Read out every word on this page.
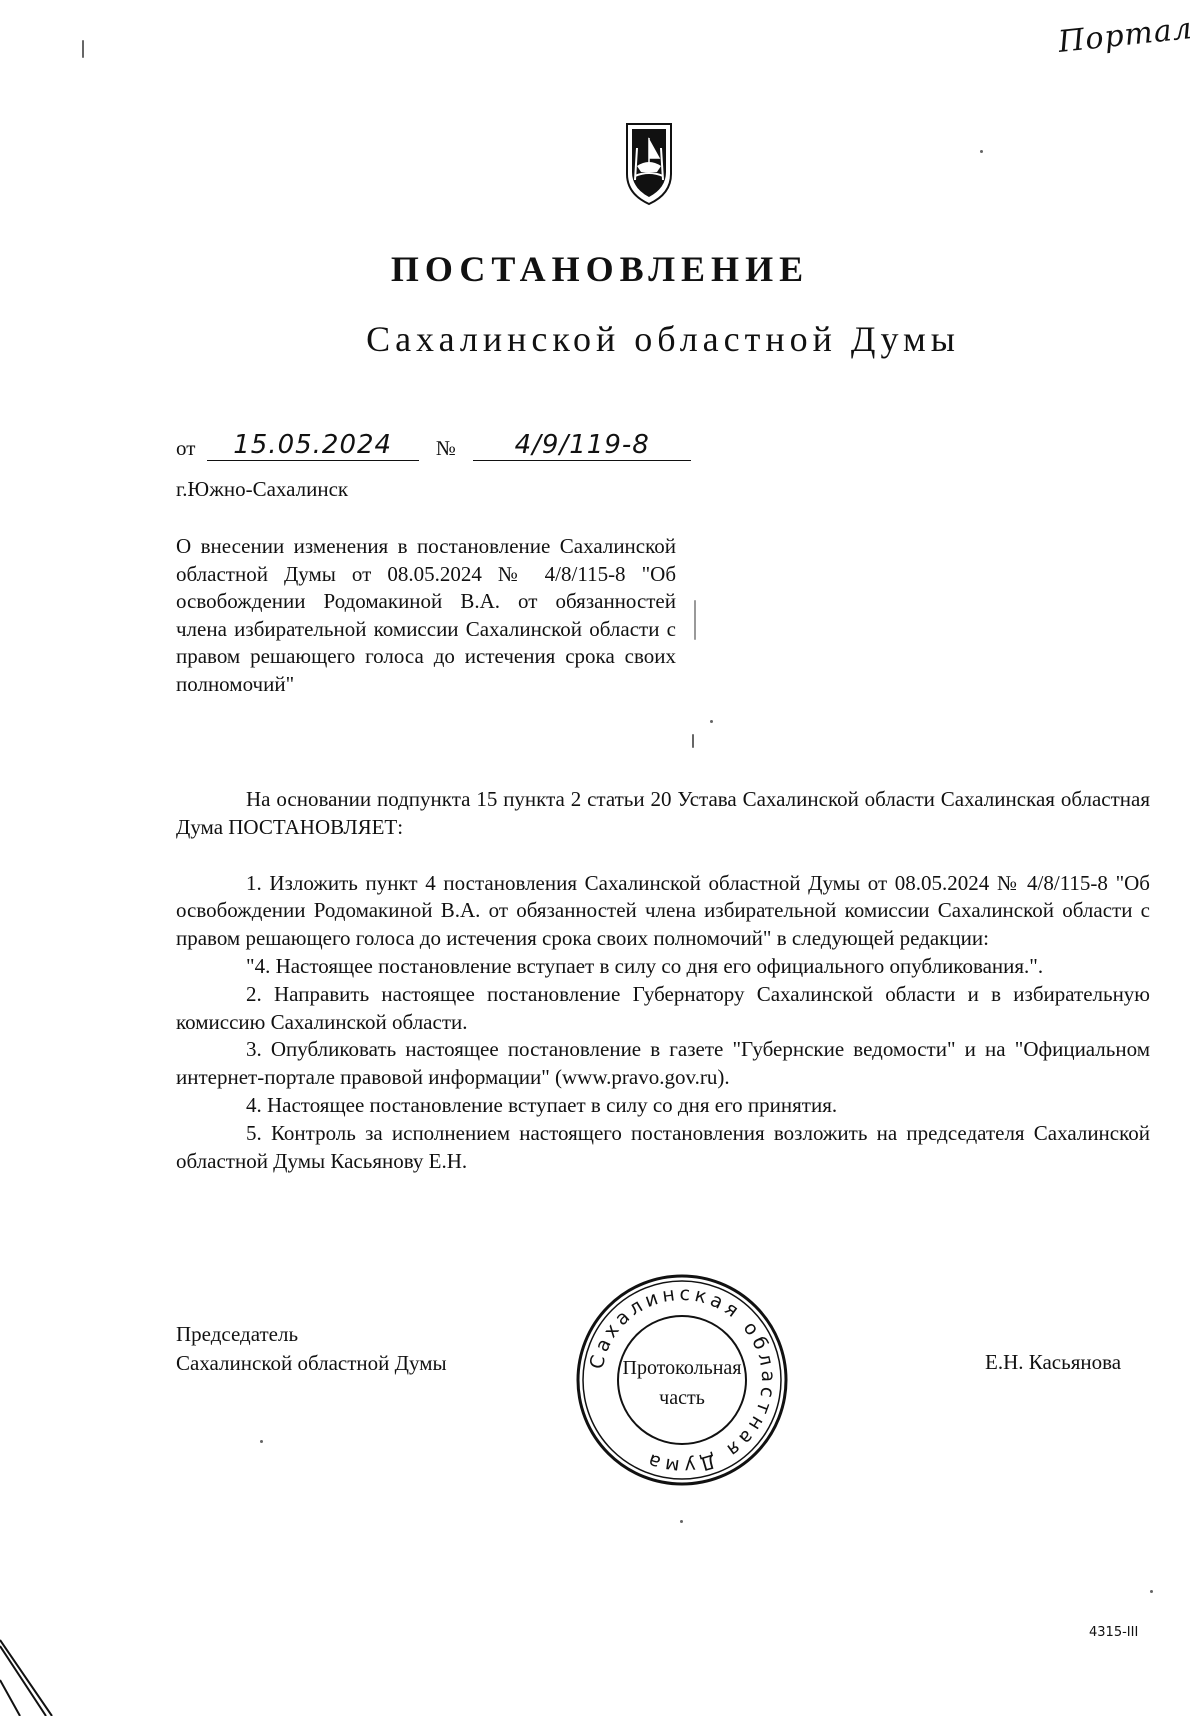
Портал
ПОСТАНОВЛЕНИЕ
Сахалинской областной Думы
от 15.05.2024 № 4/9/119-8
г.Южно-Сахалинск
О внесении изменения в постановление Сахалинской областной Думы от 08.05.2024 № 4/8/115-8 "Об освобождении Родомакиной В.А. от обязанностей члена избирательной комиссии Сахалинской области с правом решающего голоса до истечения срока своих полномочий"

На основании подпункта 15 пункта 2 статьи 20 Устава Сахалинской области Сахалинская областная Дума ПОСТАНОВЛЯЕТ:

1. Изложить пункт 4 постановления Сахалинской областной Думы от 08.05.2024 № 4/8/115-8 "Об освобождении Родомакиной В.А. от обязанностей члена избирательной комиссии Сахалинской области с правом решающего голоса до истечения срока своих полномочий" в следующей редакции:

"4. Настоящее постановление вступает в силу со дня его официального опубликования.".

2. Направить настоящее постановление Губернатору Сахалинской области и в избирательную комиссию Сахалинской области.

3. Опубликовать настоящее постановление в газете "Губернские ведомости" и на "Официальном интернет-портале правовой информации" (www.pravo.gov.ru).

4. Настоящее постановление вступает в силу со дня его принятия.

5. Контроль за исполнением настоящего постановления возложить на председателя Сахалинской областной Думы Касьянову Е.Н.

Председатель
Сахалинской областной Думы	Сахалинская областная Дума
Протокольная
часть
Е.Н. Касьянова
4315-III
